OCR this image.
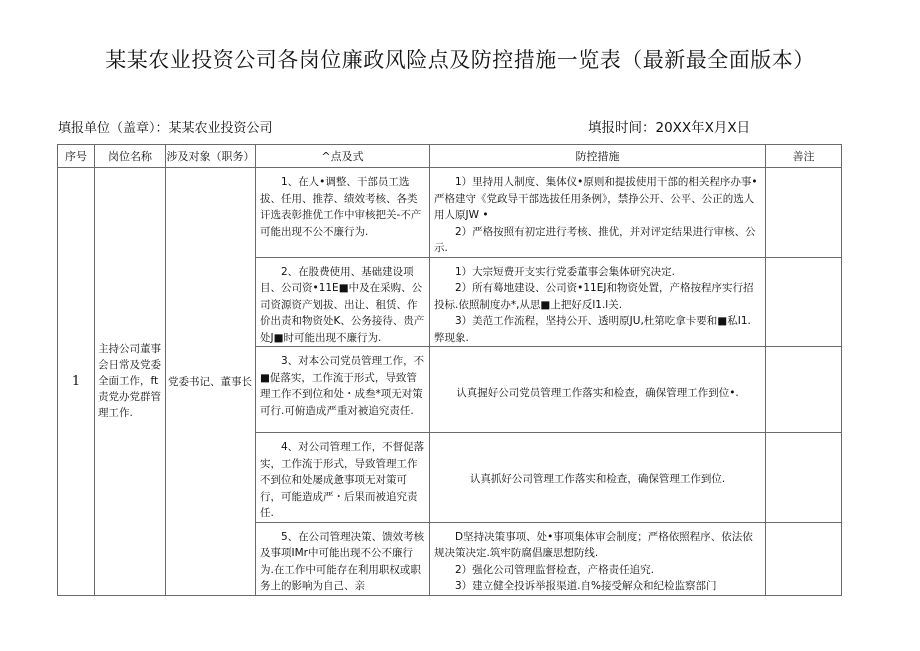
某某农业投资公司各岗位廉政风险点及防控措施一览表（最新最全面版本）
填报单位（盖章）：某某农业投资公司	填报时间：20XX年X月X日
序号	岗位名称	涉及对象（职务）	^点及式	防控措施	善注
1	主持公司董事会日常及党委全面工作，ft责党办党群管理工作.	党委书记、董事长	1、在人•调整、干部员工选拔、任用、推荐、绩效考核、各类讦选表彰推优工作中审核把关-不产可能出现不公不廉行为.	1）里持用人制度、集体仪•原则和提拔使用干部的相关程序办事•严格建守《党政导干部选拔任用条例》，禁挣公开、公平、公正的选人用人原JW •

2）严格按照有初定进行考核、推优，并对评定结果进行审核、公示.	

			2、在股费使用、基础建设项目、公司资•11E■中及在采购、公司资源资产划拔、出让、租赁、作价出责和物资处K、公务接待、贵产处J■时可能出现不廉行为.	1）大宗短费开支实行党委董事会集体研究决定.

2）所有蓦地建设、公司资•11EJ和物资处置，产格按程序实行招投标.依照制度办*,从思■上把好反l1.l关.

3）美范工作流程，坚持公开、透明原JU,杜第吃拿卡要和■私I1.弊现象.	

			3、对本公司党员管理工作，不■促落实，工作流于形式，导致管理工作不到位和处・成叁*项无对策可行.可俯造成严重对被追究责任.	认真握好公司党员管理工作落实和检查，确保管理工作到位•.	

			4、对公司管理工作，不督促落实，工作流于形式，导致管理工作不到位和处屡成惫事项无对策可行，可能造成严・后果而被追究责任.	认真抓好公司管理工作落实和检查，确保管理工作到位.	

			5、在公司管理决策、馈效考核及事项IMr中可能出现不公不廉行为.在工作中可能存在利用职权或职务上的影响为自己、亲	D坚持决策事项、处•事项集体审会制度；严格依照程序、依法依规决策决定.筑牢防腐倡廉思想防线.

2）强化公司管理监督检查，产格责任追究.

3）建立健全投诉举报渠道.自%接受解众和纪检监察部门	
